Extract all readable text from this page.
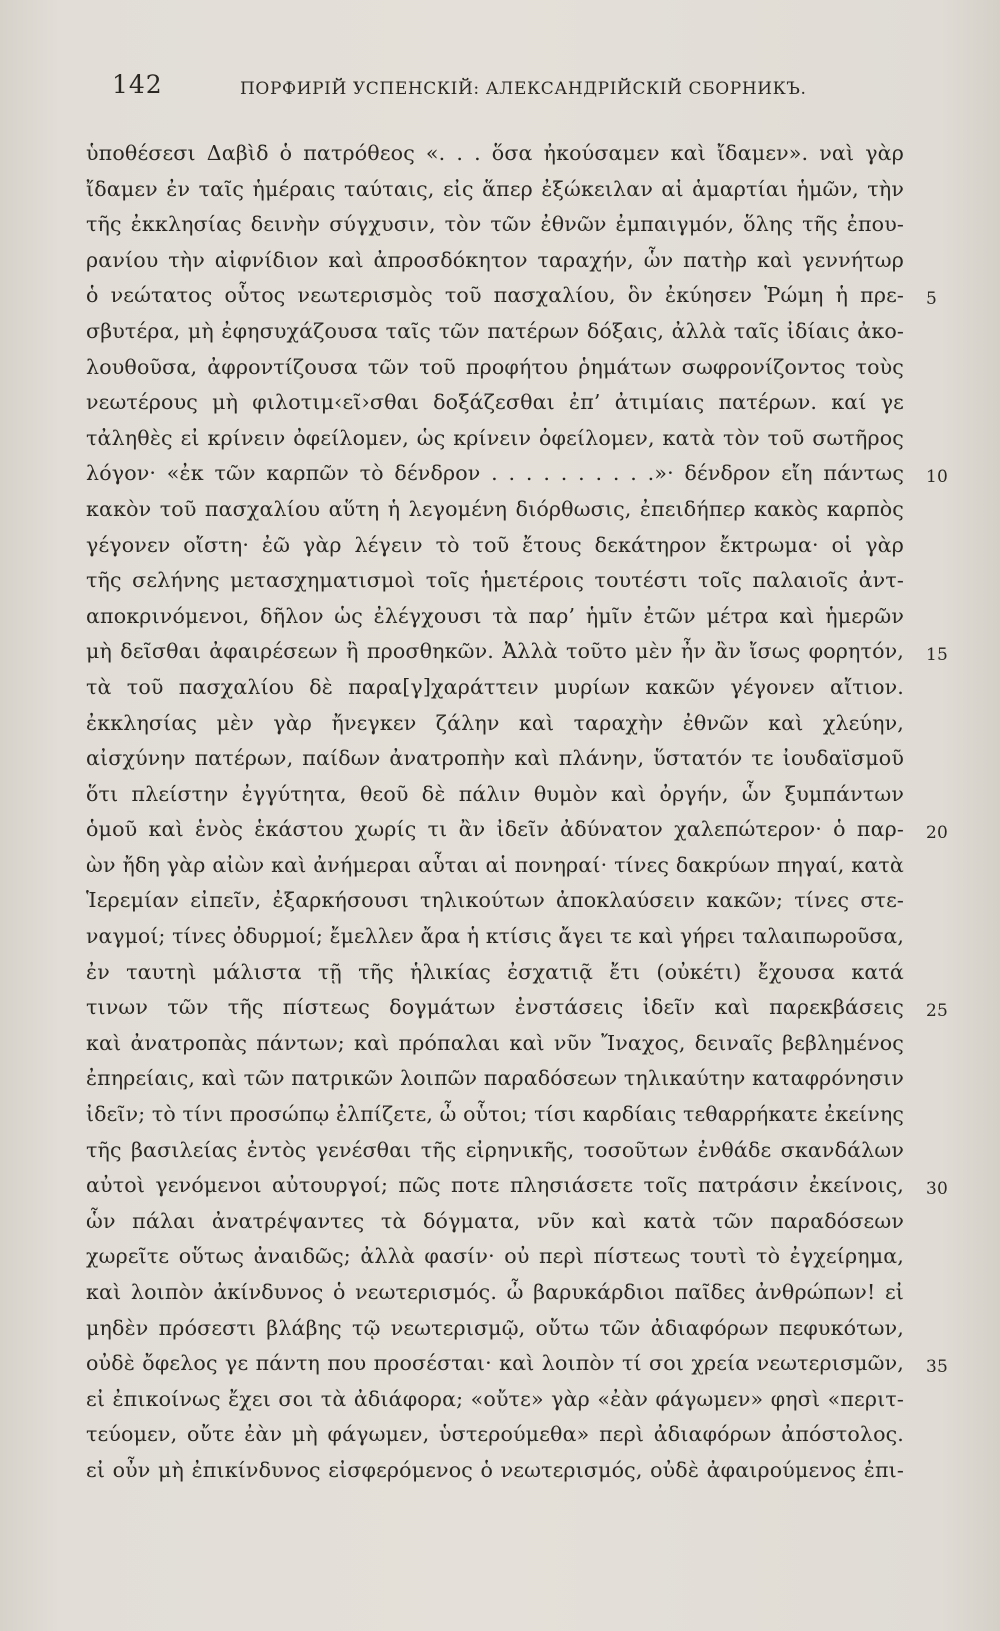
142	ПОРФИРІЙ УСПЕНСКІЙ: АЛЕКСАНДРІЙСКІЙ СБОРНИКЪ.
ὑποθέσεσι Δαβὶδ ὁ πατρόθεος «. . . ὅσα ἠκούσαμεν καὶ ἴδαμεν». ναὶ γὰρ
ἴδαμεν ἐν ταῖς ἡμέραις ταύταις, εἰς ἅπερ ἐξώκειλαν αἱ ἁμαρτίαι ἡμῶν, τὴν
τῆς ἐκκλησίας δεινὴν σύγχυσιν, τὸν τῶν ἐθνῶν ἐμπαιγμόν, ὅλης τῆς ἐπου-
ρανίου τὴν αἰφνίδιον καὶ ἀπροσδόκητον ταραχήν, ὧν πατὴρ καὶ γεννήτωρ
ὁ νεώτατος οὗτος νεωτερισμὸς τοῦ πασχαλίου, ὃν ἐκύησεν Ῥώμη ἡ πρε- 5
σβυτέρα, μὴ ἐφησυχάζουσα ταῖς τῶν πατέρων δόξαις, ἀλλὰ ταῖς ἰδίαις ἀκο-
λουθοῦσα, ἀφροντίζουσα τῶν τοῦ προφήτου ῥημάτων σωφρονίζοντος τοὺς
νεωτέρους μὴ φιλοτιμ‹εῖ›σθαι δοξάζεσθαι ἐπ’ ἀτιμίαις πατέρων. καί γε
τἀληθὲς εἰ κρίνειν ὀφείλομεν, ὡς κρίνειν ὀφείλομεν, κατὰ τὸν τοῦ σωτῆρος
λόγον· «ἐκ τῶν καρπῶν τὸ δένδρον . . . . . . . . . .»· δένδρον εἴη πάντως 10
κακὸν τοῦ πασχαλίου αὕτη ἡ λεγομένη διόρθωσις, ἐπειδήπερ κακὸς καρπὸς
γέγονεν οἴστη· ἐῶ γὰρ λέγειν τὸ τοῦ ἔτους δεκάτηρον ἔκτρωμα· οἱ γὰρ
τῆς σελήνης μετασχηματισμοὶ τοῖς ἡμετέροις τουτέστι τοῖς παλαιοῖς ἀντ-
αποκρινόμενοι, δῆλον ὡς ἐλέγχουσι τὰ παρ’ ἡμῖν ἐτῶν μέτρα καὶ ἡμερῶν
μὴ δεῖσθαι ἀφαιρέσεων ἢ προσθηκῶν. Ἀλλὰ τοῦτο μὲν ἦν ἂν ἴσως φορητόν, 15
τὰ τοῦ πασχαλίου δὲ παρα[γ]χαράττειν μυρίων κακῶν γέγονεν αἴτιον.
ἐκκλησίας μὲν γὰρ ἤνεγκεν ζάλην καὶ ταραχὴν ἐθνῶν καὶ χλεύην,
αἰσχύνην πατέρων, παίδων ἀνατροπὴν καὶ πλάνην, ὕστατόν τε ἰουδαϊσμοῦ
ὅτι πλείστην ἐγγύτητα, θεοῦ δὲ πάλιν θυμὸν καὶ ὀργήν, ὧν ξυμπάντων
ὁμοῦ καὶ ἑνὸς ἑκάστου χωρίς τι ἂν ἰδεῖν ἀδύνατον χαλεπώτερον· ὁ παρ- 20
ὼν ἤδη γὰρ αἰὼν καὶ ἀνήμεραι αὗται αἱ πονηραί· τίνες δακρύων πηγαί, κατὰ
Ἱερεμίαν εἰπεῖν, ἐξαρκήσουσι τηλικούτων ἀποκλαύσειν κακῶν; τίνες στε-
ναγμοί; τίνες ὀδυρμοί; ἔμελλεν ἄρα ἡ κτίσις ἄγει τε καὶ γήρει ταλαιπωροῦσα,
ἐν ταυτηὶ μάλιστα τῇ τῆς ἡλικίας ἐσχατιᾷ ἔτι (οὐκέτι) ἔχουσα κατά
τινων τῶν τῆς πίστεως δογμάτων ἐνστάσεις ἰδεῖν καὶ παρεκβάσεις 25
καὶ ἀνατροπὰς πάντων; καὶ πρόπαλαι καὶ νῦν Ἴναχος, δειναῖς βεβλημένος
ἐπηρείαις, καὶ τῶν πατρικῶν λοιπῶν παραδόσεων τηλικαύτην καταφρόνησιν
ἰδεῖν; τὸ τίνι προσώπῳ ἐλπίζετε, ὦ οὗτοι; τίσι καρδίαις τεθαρρήκατε ἐκείνης
τῆς βασιλείας ἐντὸς γενέσθαι τῆς εἰρηνικῆς, τοσοῦτων ἐνθάδε σκανδάλων
αὐτοὶ γενόμενοι αὐτουργοί; πῶς ποτε πλησιάσετε τοῖς πατράσιν ἐκείνοις, 30
ὧν πάλαι ἀνατρέψαντες τὰ δόγματα, νῦν καὶ κατὰ τῶν παραδόσεων
χωρεῖτε οὕτως ἀναιδῶς; ἀλλὰ φασίν· οὐ περὶ πίστεως τουτὶ τὸ ἐγχείρημα,
καὶ λοιπὸν ἀκίνδυνος ὁ νεωτερισμός. ὦ βαρυκάρδιοι παῖδες ἀνθρώπων! εἰ
μηδὲν πρόσεστι βλάβης τῷ νεωτερισμῷ, οὔτω τῶν ἀδιαφόρων πεφυκότων,
οὐδὲ ὄφελος γε πάντη που προσέσται· καὶ λοιπὸν τί σοι χρεία νεωτερισμῶν, 35
εἰ ἐπικοίνως ἔχει σοι τὰ ἀδιάφορα; «οὔτε» γὰρ «ἐὰν φάγωμεν» φησὶ «περιτ-
τεύομεν, οὔτε ἐὰν μὴ φάγωμεν, ὑστερούμεθα» περὶ ἀδιαφόρων ἀπόστολος.
εἰ οὖν μὴ ἐπικίνδυνος εἰσφερόμενος ὁ νεωτερισμός, οὐδὲ ἀφαιρούμενος ἐπι-
